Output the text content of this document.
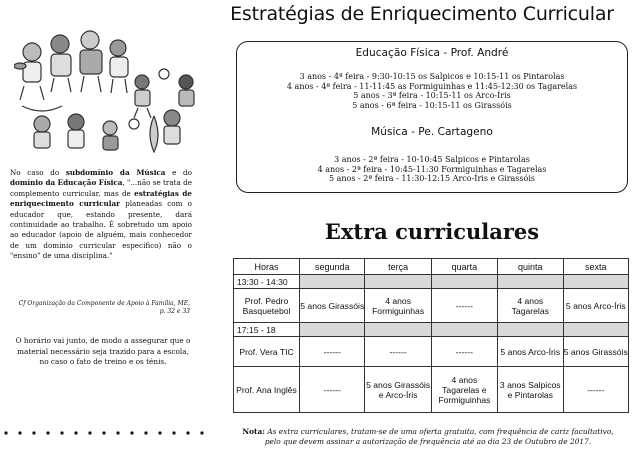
No caso do subdomínio da Música e do domínio da Educação Física, "...não se trata de complemento curricular, mas de estratégias de enriquecimento curricular planeadas com o educador que, estando presente, dará continuidade ao trabalho. É sobretudo um apoio ao educador (apoio de alguém, mais conhecedor de um domínio curricular específico) não o "ensino" de uma disciplina."
Cf Organização da Componente de Apoio à Família, ME, p. 32 e 33
O horário vai junto, de modo a assegurar que o material necessário seja trazido para a escola, no caso o fato de treino e os ténis.
Estratégias de Enriquecimento Curricular
Educação Física - Prof. André
3 anos - 4ª feira - 9:30-10:15 os Salpicos e 10:15-11 os Pintarolas
4 anos - 4ª feira - 11-11:45 as Formiguinhas e 11:45-12:30 os Tagarelas
5 anos - 3ª feira - 10:15-11 os Arco-Íris
5 anos - 6ª feira - 10:15-11 os Girassóis
Música - Pe. Cartageno
3 anos - 2ª feira - 10-10:45 Salpicos e Pintarolas
4 anos - 2ª feira - 10:45-11:30 Formiguinhas e Tagarelas
5 anos - 2ª feira - 11:30-12:15 Arco-Íris e Girassóis
Extra curriculares
Horas	segunda	terça	quarta	quinta	sexta
13:30 - 14:30					
Prof. Pedro Basquetebol	5 anos Girassóis	4 anos Formiguinhas	------	4 anos Tagarelas	5 anos Arco-Íris
17:15 - 18					
Prof. Vera TIC	------	------	------	5 anos Arco-Íris	5 anos Girassóis
Prof. Ana Inglês	------	5 anos Girassóis e Arco-Íris	4 anos Tagarelas e Formiguinhas	3 anos Salpicos e Pintarolas	------
Nota: As extra curriculares, tratam-se de uma oferta gratuita, com frequência de cariz facultativo,
pelo que devem assinar a autorização de frequência até ao dia 23 de Outubro de 2017.
